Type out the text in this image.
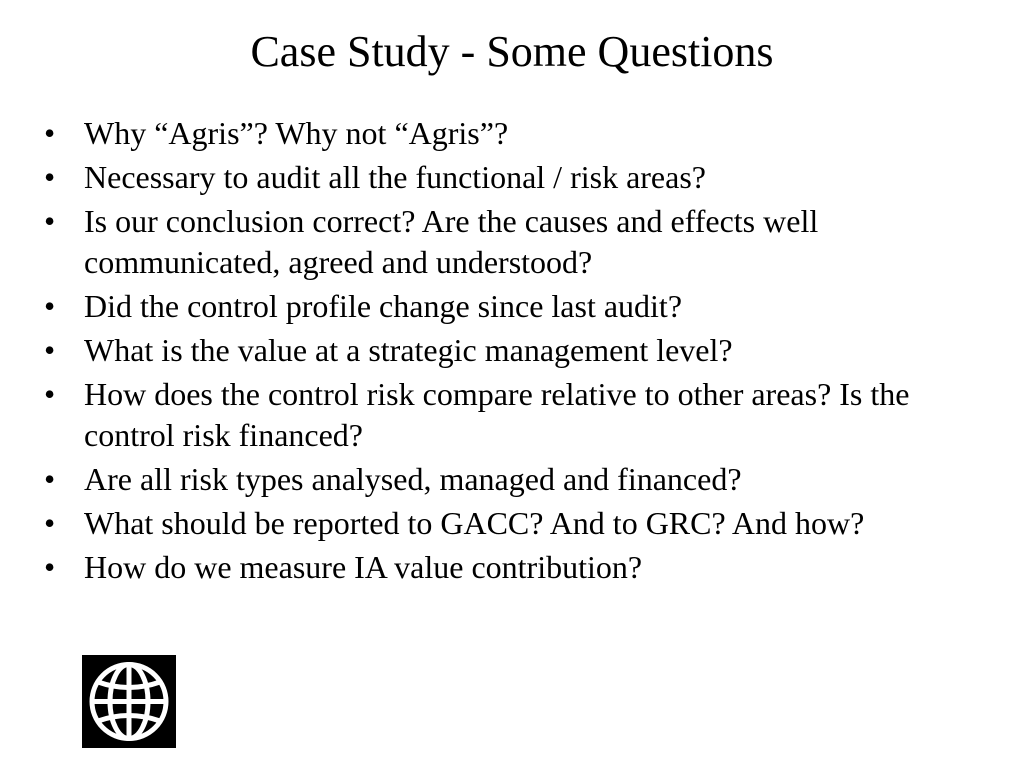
Case Study - Some Questions
• Why “Agris”? Why not “Agris”?
• Necessary to audit all the functional / risk areas?
• Is our conclusion correct? Are the causes and effects well communicated, agreed and understood?
• Did the control profile change since last audit?
• What is the value at a strategic management level?
• How does the control risk compare relative to other areas? Is the control risk financed?
• Are all risk types analysed, managed and financed?
• What should be reported to GACC? And to GRC? And how?
• How do we measure IA value contribution?
